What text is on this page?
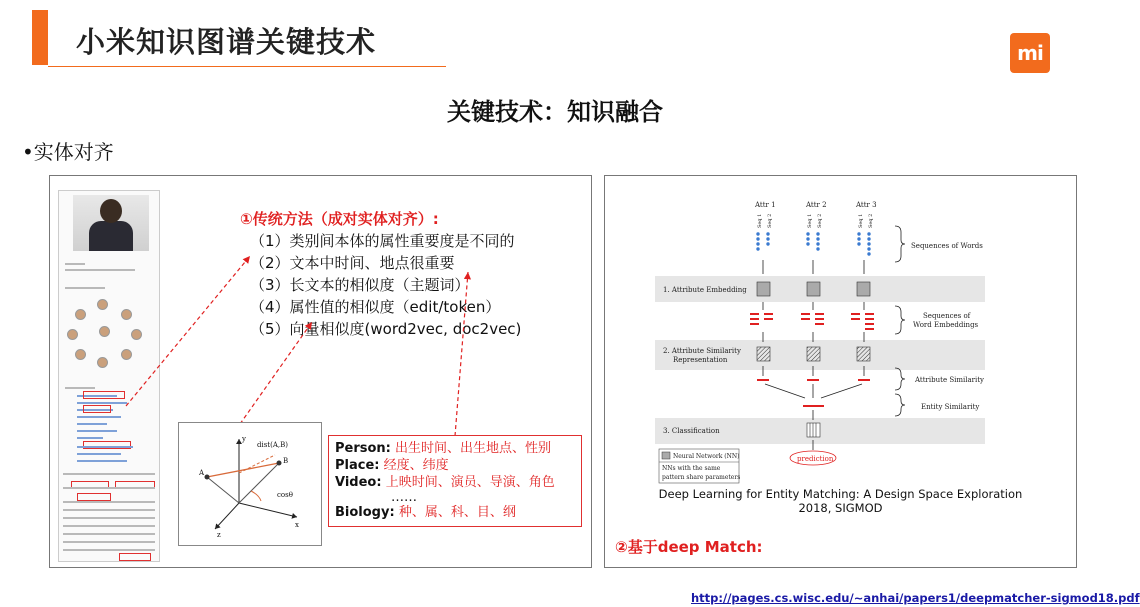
小米知识图谱关键技术	mi
关键技术：知识融合
•实体对齐
①传统方法（成对实体对齐）:
（1）类别间本体的属性重要度是不同的
（2）文本中时间、地点很重要
（3）长文本的相似度（主题词）
（4）属性值的相似度（edit/token）
（5）向量相似度(word2vec, doc2vec)
y
dist(A,B)
B
A
cosθ
x
z
Person: 出生时间、出生地点、性别
Place: 经度、纬度
Video: 上映时间、演员、导演、角色
……
Biology: 种、属、科、目、纲
Attr 1	Attr 2	Attr 3
Seq 1 Seq 2	Seq 1 Seq 2	Seq 1 Seq 2
Sequences of Words
1. Attribute Embedding
Sequences of
Word Embeddings
2. Attribute Similarity
Representation
Attribute Similarity
Entity Similarity
3. Classification
prediction
Neural Network (NN)
NNs with the same
pattern share parameters
Deep Learning for Entity Matching: A Design Space Exploration
2018, SIGMOD
②基于deep Match:
http://pages.cs.wisc.edu/~anhai/papers1/deepmatcher-sigmod18.pdf
